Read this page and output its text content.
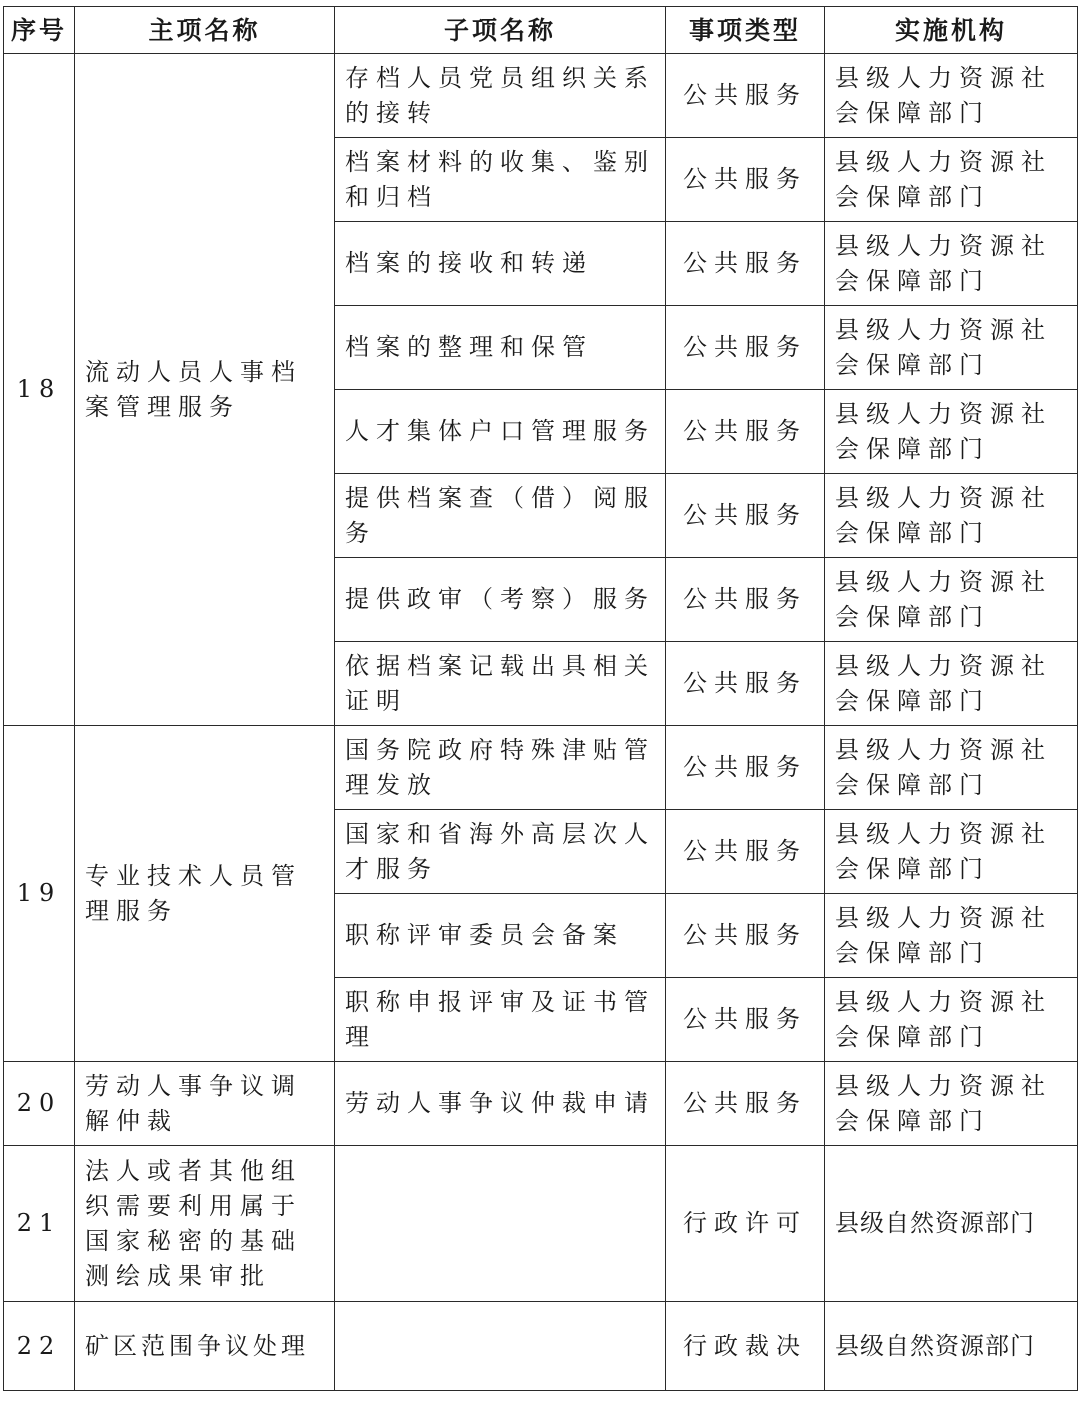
序号	主项名称	子项名称	事项类型	实施机构
18	流动人员人事档案管理服务	存档人员党员组织关系的接转	公共服务	县级人力资源社会保障部门
		档案材料的收集、鉴别和归档	公共服务	县级人力资源社会保障部门
		档案的接收和转递	公共服务	县级人力资源社会保障部门
		档案的整理和保管	公共服务	县级人力资源社会保障部门
		人才集体户口管理服务	公共服务	县级人力资源社会保障部门
		提供档案查（借）阅服务	公共服务	县级人力资源社会保障部门
		提供政审（考察）服务	公共服务	县级人力资源社会保障部门
		依据档案记载出具相关证明	公共服务	县级人力资源社会保障部门
19	专业技术人员管理服务	国务院政府特殊津贴管理发放	公共服务	县级人力资源社会保障部门
		国家和省海外高层次人才服务	公共服务	县级人力资源社会保障部门
		职称评审委员会备案	公共服务	县级人力资源社会保障部门
		职称申报评审及证书管理	公共服务	县级人力资源社会保障部门
20	劳动人事争议调解仲裁	劳动人事争议仲裁申请	公共服务	县级人力资源社会保障部门
21	法人或者其他组织需要利用属于国家秘密的基础测绘成果审批		行政许可	县级自然资源部门
22	矿区范围争议处理		行政裁决	县级自然资源部门
